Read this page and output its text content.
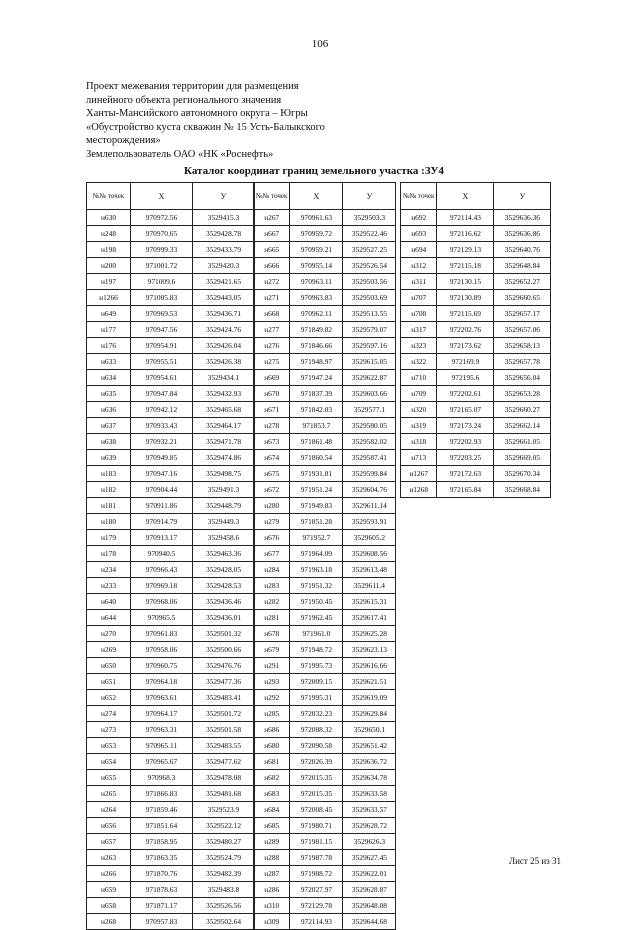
106
Проект межевания территории для размещения
линейного объекта регионального значения
Ханты-Мансийского автономного округа – Югры
«Обустройство куста скважин № 15 Усть-Балыкского
месторождения»
Землепользователь ОАО «НК «Роснефть»
Каталог координат границ земельного участка :ЗУ4
№№ точек	X	У
н630	970972.56	3529415.3
н248	970970.65	3529428.78
н198	970999.33	3529433.79
н200	971001.72	3529420.3
н197	971009.6	3529421.65
н1266	971005.83	3529443.05
н649	970969.53	3529436.71
н177	970947.56	3529424.76
н176	970954.91	3529426.04
н633	970955.51	3529426.38
н634	970954.61	3529434.1
н635	970947.84	3529432.93
н636	970942.12	3529465.68
н637	970933.43	3529464.17
н638	970932.21	3529471.78
н639	970949.85	3529474.86
н183	970947.16	3529498.75
н182	970904.44	3529491.3
н181	970911.86	3529448.79
н180	970914.79	3529449.3
н179	970913.17	3529458.6
н178	970940.5	3529463.36
н234	970966.43	3529428.05
н233	970969.18	3529428.53
н640	970968.06	3529436.46
н644	970965.5	3529436.01
н270	970961.83	3529501.32
н269	970958.06	3529500.66
н650	970960.75	3529476.76
н651	970964.18	3529477.36
н652	970963.61	3529483.41
н274	970964.17	3529501.72
н273	970963.31	3529501.58
н653	970965.11	3529483.55
н654	970965.67	3529477.62
н655	970968.3	3529478.08
н265	971866.83	3529481.68
н264	971859.46	3529523.9
н656	971851.64	3529522.12
н657	971858.95	3529480.27
н263	971863.35	3529524.79
н266	971870.76	3529482.39
н659	971878.63	3529483.8
н658	971871.17	3529526.56
н268	970957.83	3529502.64
№№ точек	X	У
н267	970961.63	3529503.3
н667	970959.72	3529522.46
н665	970959.21	3529527.25
н666	970955.14	3529526.54
н272	970963.11	3529503.56
н271	970963.83	3529503.69
н668	970962.11	3529513.55
н277	971849.82	3529579.07
н276	971846.66	3529597.16
н275	971948.97	3529615.05
н669	971947.24	3529622.87
н670	971837.39	3529603.66
н671	971842.03	3529577.1
н278	971853.7	3529580.05
н673	971861.48	3529582.02
н674	971860.54	3529587.41
н675	971931.81	3529599.84
н672	971951.24	3529604.76
н280	971949.83	3529611.14
н279	971851.28	3529593.91
н676	971952.7	3529605.2
н677	971964.09	3529608.56
н284	971963.18	3529613.48
н283	971951.32	3529611.4
н282	971950.45	3529615.31
н281	971962.45	3529617.41
н678	971961.0	3529625.28
н679	971948.72	3529623.13
н291	971995.73	3529616.66
н293	972009.15	3529621.51
н292	971995.31	3529619.09
н285	972032.23	3529629.84
н686	972088.32	3529650.1
н680	972090.58	3529651.42
н681	972026.39	3529636.72
н682	972015.35	3529634.78
н683	972015.35	3529633.58
н684	972008.45	3529633.57
н685	971980.71	3529628.72
н289	971981.15	3529626.3
н288	971987.78	3529627.45
н287	971988.72	3529622.01
н286	972027.97	3529628.87
н310	972129.78	3529648.08
н309	972114.93	3529644.68
№№ точек	X	У
н692	972114.43	3529636.36
н693	972116.62	3529636.86
н694	972129.13	3529640.76
н312	972115.18	3529648.84
н311	972130.15	3529652.27
н707	972130.89	3529660.65
н708	972115.69	3529657.17
н317	972202.76	3529657.06
н323	972173.62	3529658.13
н322	972169.9	3529657.78
н710	972195.6	3529656.04
н709	972202.61	3529653.28
н320	972165.07	3529660.27
н319	972173.24	3529662.14
н318	972202.93	3529661.05
н713	972203.25	3529669.05
н1267	972172.63	3529670.34
н1268	972165.84	3529668.84
Лист 25 из 31
